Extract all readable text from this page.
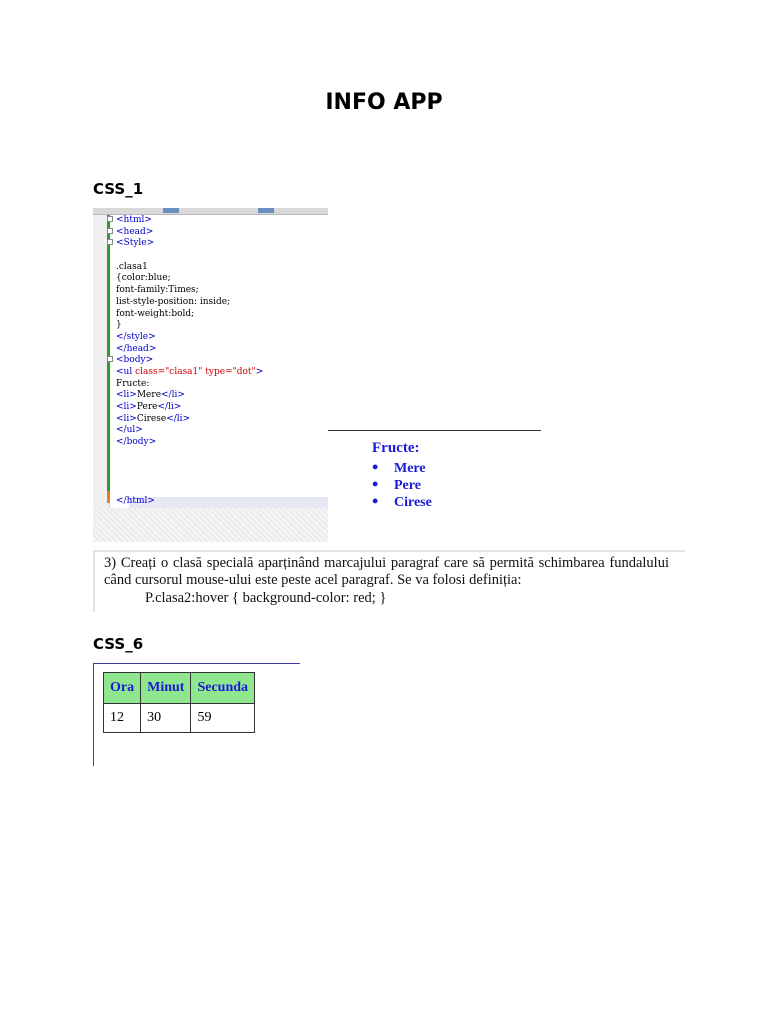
INFO APP
CSS_1
<html>
<head>
<Style>
.clasa1
{color:blue;
font-family:Times;
list-style-position: inside;
font-weight:bold;
}
</style>
</head>
<body>
<ul class="clasa1" type="dot">
Fructe:
<li>Mere</li>
<li>Pere</li>
<li>Cirese</li>
</ul>
</body>
</html>
Fructe:
• Mere
• Pere
• Cirese
3) Creați o clasă specială aparținând marcajului paragraf care să permită schimbarea fundalului când cursorul mouse-ului este peste acel paragraf. Se va folosi definiția:
P.clasa2:hover { background-color: red; }
CSS_6
Ora	Minut	Secunda
12	30	59
